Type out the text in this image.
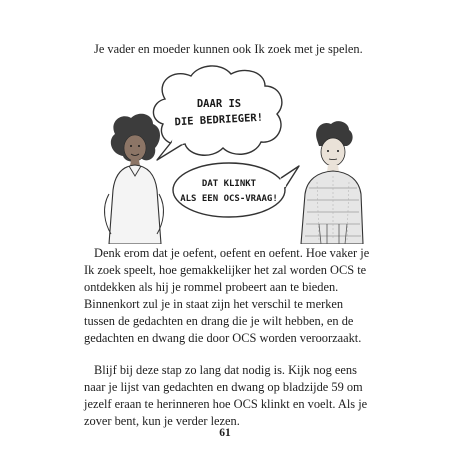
Je vader en moeder kunnen ook Ik zoek met je spelen.

DAAR IS
DIE BEDRIEGER!
DAT KLINKT
ALS EEN OCS-VRAAG!

Denk erom dat je oefent, oefent en oefent. Hoe vaker je Ik zoek speelt, hoe gemakkelijker het zal worden OCS te ontdekken als hij je rommel probeert aan te bieden. Binnenkort zul je in staat zijn het verschil te merken tussen de gedachten en drang die je wilt hebben, en de gedachten en dwang die door OCS worden veroorzaakt.

Blijf bij deze stap zo lang dat nodig is. Kijk nog eens naar je lijst van gedachten en dwang op bladzijde 59 om jezelf eraan te herinneren hoe OCS klinkt en voelt. Als je zover bent, kun je verder lezen.

61
